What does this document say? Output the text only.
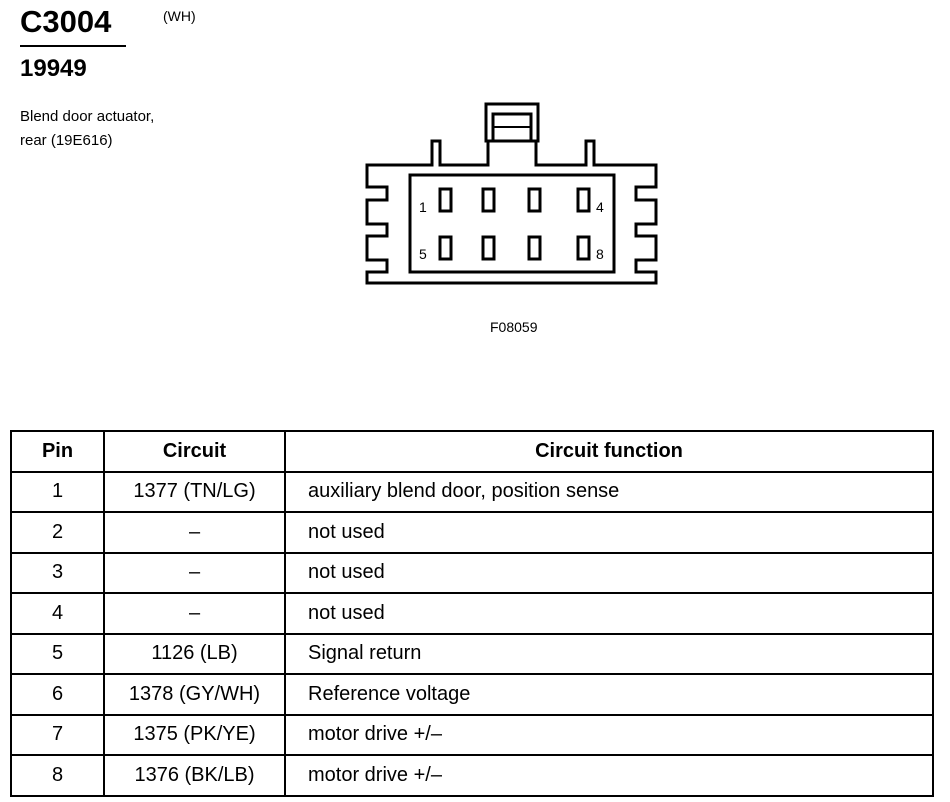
C3004	(WH)
19949
Blend door actuator,
rear (19E616)
1	4
5	8
F08059
Pin	Circuit	Circuit function
1	1377 (TN/LG)	auxiliary blend door, position sense
2	–	not used
3	–	not used
4	–	not used
5	1126 (LB)	Signal return
6	1378 (GY/WH)	Reference voltage
7	1375 (PK/YE)	motor drive +/–
8	1376 (BK/LB)	motor drive +/–
